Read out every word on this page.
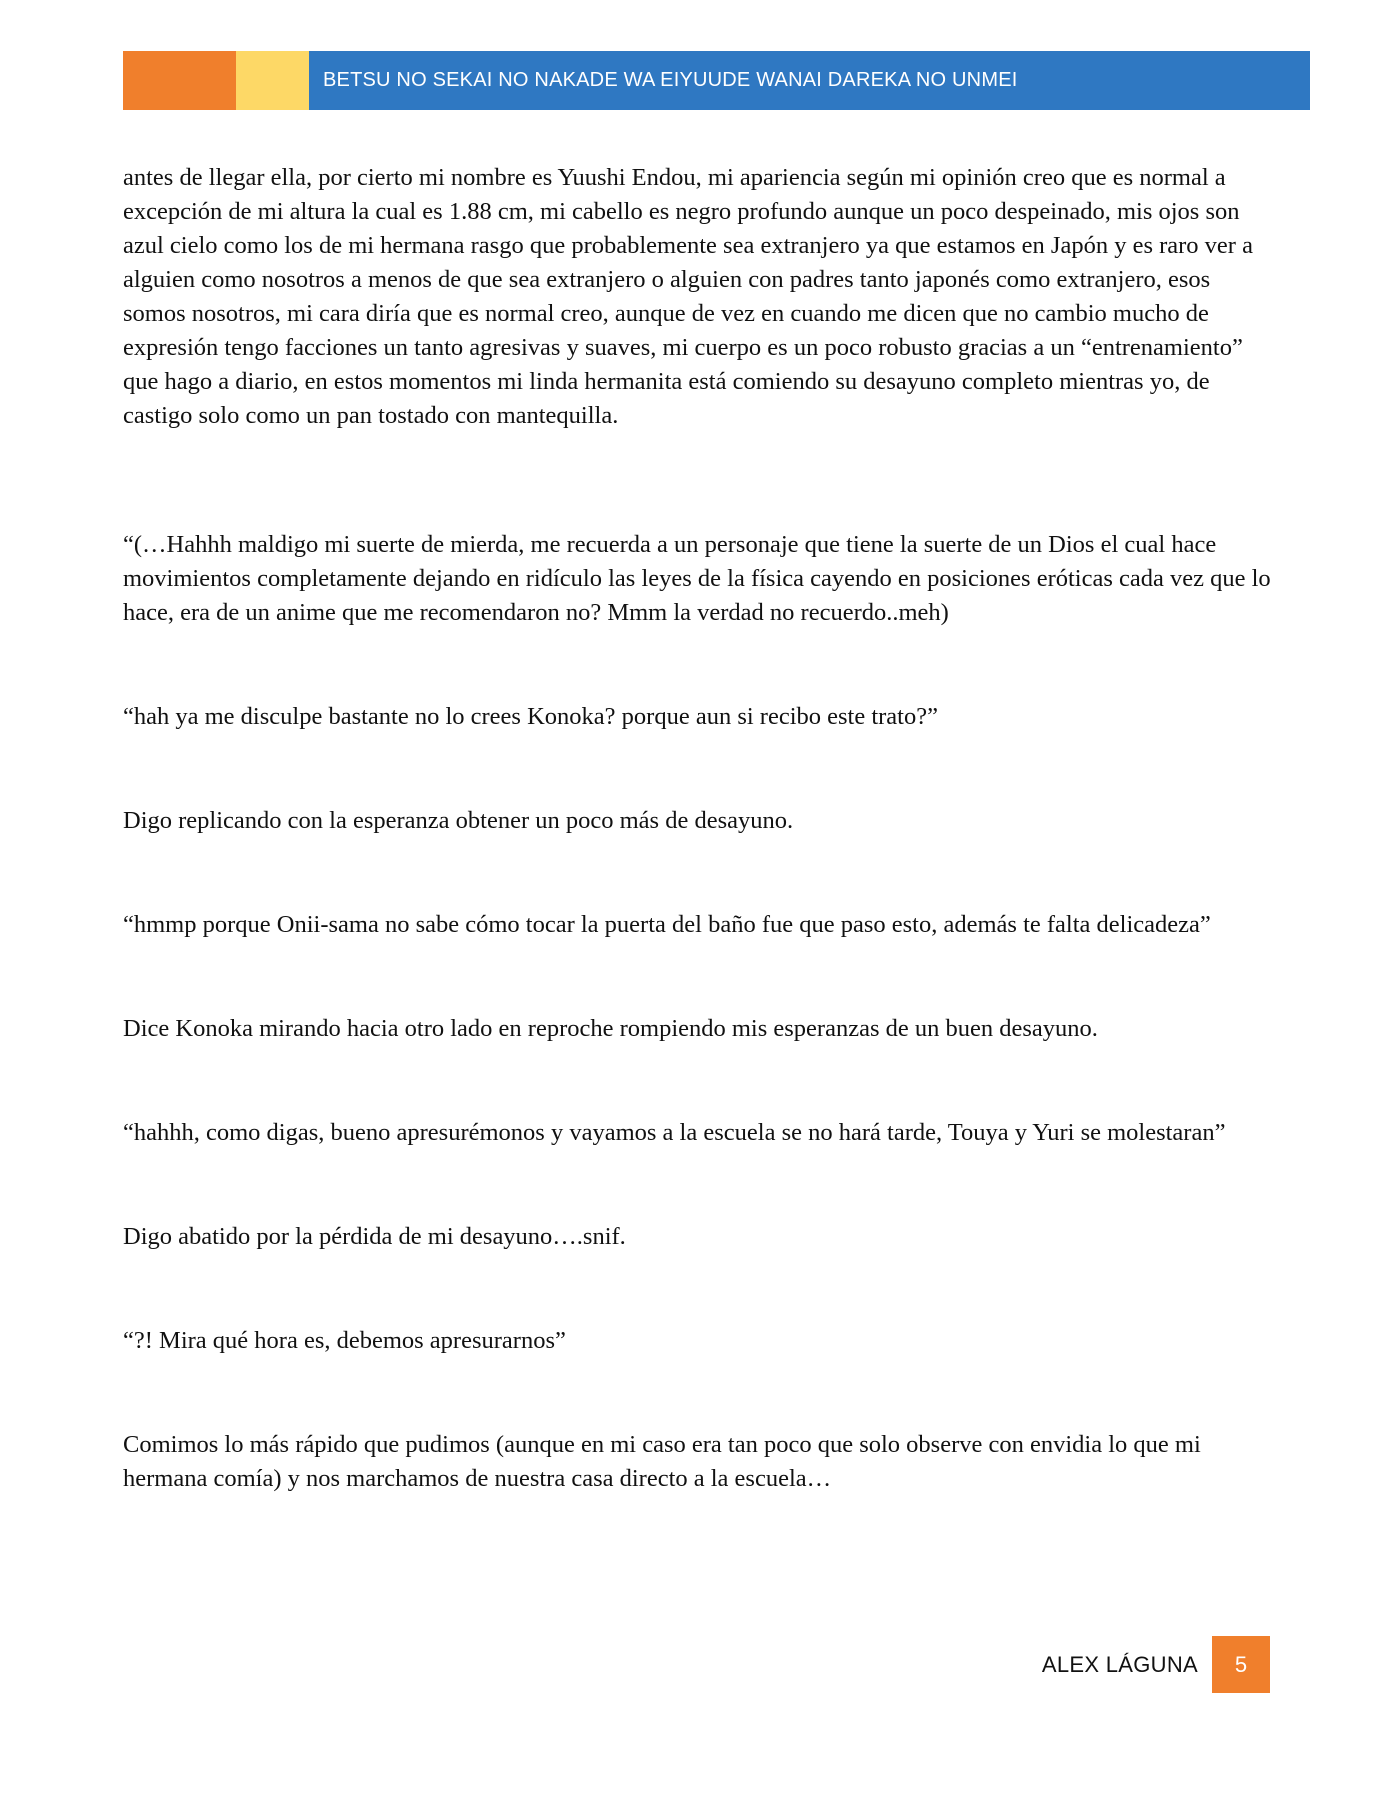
BETSU NO SEKAI NO NAKADE WA EIYUUDE WANAI DAREKA NO UNMEI

antes de llegar ella, por cierto mi nombre es Yuushi Endou, mi apariencia según mi opinión creo que es normal a excepción de mi altura la cual es 1.88 cm, mi cabello es negro profundo aunque un poco despeinado, mis ojos son azul cielo como los de mi hermana rasgo que probablemente sea extranjero ya que estamos en Japón y es raro ver a alguien como nosotros a menos de que sea extranjero o alguien con padres tanto japonés como extranjero, esos somos nosotros, mi cara diría que es normal creo, aunque de vez en cuando me dicen que no cambio mucho de expresión tengo facciones un tanto agresivas y suaves, mi cuerpo es un poco robusto gracias a un “entrenamiento” que hago a diario, en estos momentos mi linda hermanita está comiendo su desayuno completo mientras yo, de castigo solo como un pan tostado con mantequilla.

“(…Hahhh maldigo mi suerte de mierda, me recuerda a un personaje que tiene la suerte de un Dios el cual hace movimientos completamente dejando en ridículo las leyes de la física cayendo en posiciones eróticas cada vez que lo hace, era de un anime que me recomendaron no? Mmm la verdad no recuerdo..meh)

“hah ya me disculpe bastante no lo crees Konoka? porque aun si recibo este trato?”

Digo replicando con la esperanza obtener un poco más de desayuno.

“hmmp porque Onii-sama no sabe cómo tocar la puerta del baño fue que paso esto, además te falta delicadeza”

Dice Konoka mirando hacia otro lado en reproche rompiendo mis esperanzas de un buen desayuno.

“hahhh, como digas, bueno apresurémonos y vayamos a la escuela se no hará tarde, Touya y Yuri se molestaran”

Digo abatido por la pérdida de mi desayuno….snif.

“?! Mira qué hora es, debemos apresurarnos”

Comimos lo más rápido que pudimos (aunque en mi caso era tan poco que solo observe con envidia lo que mi hermana comía) y nos marchamos de nuestra casa directo a la escuela…

ALEX LÁGUNA 5
